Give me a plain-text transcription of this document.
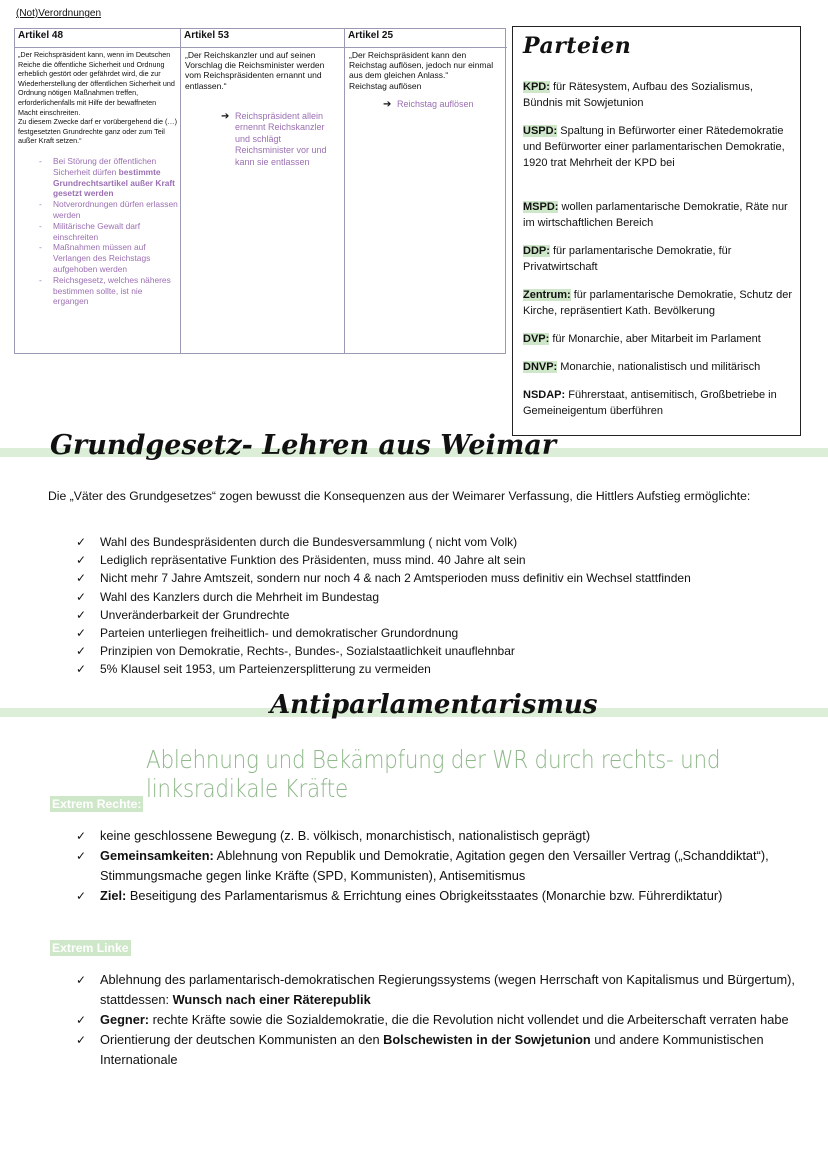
(Not)Verordnungen
Artikel 48
„Der Reichspräsident kann, wenn im Deutschen Reiche die öffentliche Sicherheit und Ordnung erheblich gestört oder gefährdet wird, die zur Wiederherstellung der öffentlichen Sicherheit und Ordnung nötigen Maßnahmen treffen, erforderlichenfalls mit Hilfe der bewaffneten Macht einschreiten.
Zu diesem Zwecke darf er vorübergehend die (…) festgesetzten Grundrechte ganz oder zum Teil außer Kraft setzen.“
- Bei Störung der öffentlichen Sicherheit dürfen bestimmte Grundrechtsartikel außer Kraft gesetzt werden
- Notverordnungen dürfen erlassen werden
- Militärische Gewalt darf einschreiten
- Maßnahmen müssen auf Verlangen des Reichstags aufgehoben werden
- Reichsgesetz, welches näheres bestimmen sollte, ist nie ergangen
Artikel 53
„Der Reichskanzler und auf seinen Vorschlag die Reichsminister werden vom Reichspräsidenten ernannt und entlassen.“
➔ Reichspräsident allein ernennt Reichskanzler und schlägt Reichsminister vor und kann sie entlassen
Artikel 25
„Der Reichspräsident kann den Reichstag auflösen, jedoch nur einmal aus dem gleichen Anlass.“
Reichstag auflösen
➔ Reichstag auflösen
Parteien
KPD: für Rätesystem, Aufbau des Sozialismus, Bündnis mit Sowjetunion
USPD: Spaltung in Befürworter einer Rätedemokratie und Befürworter einer parlamentarischen Demokratie, 1920 trat Mehrheit der KPD bei
MSPD: wollen parlamentarische Demokratie, Räte nur im wirtschaftlichen Bereich
DDP: für parlamentarische Demokratie, für Privatwirtschaft
Zentrum: für parlamentarische Demokratie, Schutz der Kirche, repräsentiert Kath. Bevölkerung
DVP: für Monarchie, aber Mitarbeit im Parlament
DNVP: Monarchie, nationalistisch und militärisch
NSDAP: Führerstaat, antisemitisch, Großbetriebe in Gemeineigentum überführen
Grundgesetz- Lehren aus Weimar
Die „Väter des Grundgesetzes“ zogen bewusst die Konsequenzen aus der Weimarer Verfassung, die Hittlers Aufstieg ermöglichte:
✓ Wahl des Bundespräsidenten durch die Bundesversammlung ( nicht vom Volk)
✓ Lediglich repräsentative Funktion des Präsidenten, muss mind. 40 Jahre alt sein
✓ Nicht mehr 7 Jahre Amtszeit, sondern nur noch 4 & nach 2 Amtsperioden muss definitiv ein Wechsel stattfinden
✓ Wahl des Kanzlers durch die Mehrheit im Bundestag
✓ Unveränderbarkeit der Grundrechte
✓ Parteien unterliegen freiheitlich- und demokratischer Grundordnung
✓ Prinzipien von Demokratie, Rechts-, Bundes-, Sozialstaatlichkeit unauflehnbar
✓ 5% Klausel seit 1953, um Parteienzersplitterung zu vermeiden
Antiparlamentarismus
Ablehnung und Bekämpfung der WR durch rechts- und linksradikale Kräfte
Extrem Rechte:
✓ keine geschlossene Bewegung (z. B. völkisch, monarchistisch, nationalistisch geprägt)
✓ Gemeinsamkeiten: Ablehnung von Republik und Demokratie, Agitation gegen den Versailler Vertrag („Schanddiktat“), Stimmungsmache gegen linke Kräfte (SPD, Kommunisten), Antisemitismus
✓ Ziel: Beseitigung des Parlamentarismus & Errichtung eines Obrigkeitsstaates (Monarchie bzw. Führerdiktatur)
Extrem Linke
✓ Ablehnung des parlamentarisch-demokratischen Regierungssystems (wegen Herrschaft von Kapitalismus und Bürgertum), stattdessen: Wunsch nach einer Räterepublik
✓ Gegner: rechte Kräfte sowie die Sozialdemokratie, die die Revolution nicht vollendet und die Arbeiterschaft verraten habe
✓ Orientierung der deutschen Kommunisten an den Bolschewisten in der Sowjetunion und andere Kommunistischen Internationale
